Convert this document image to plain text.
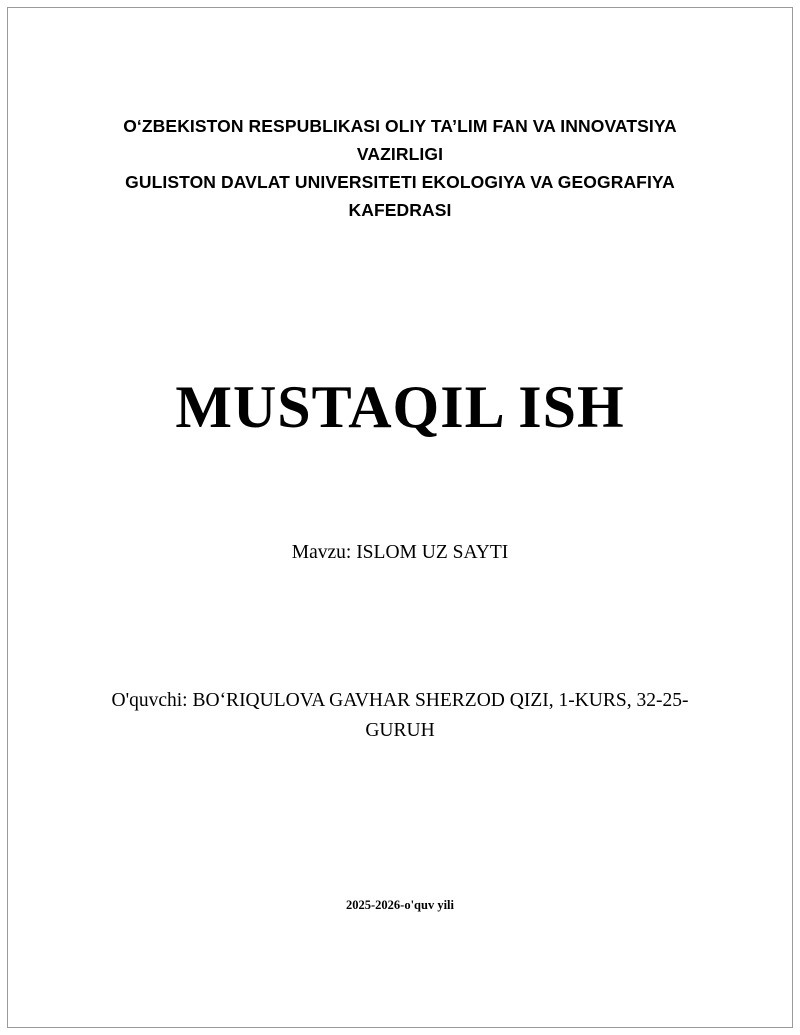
O‘ZBEKISTON RESPUBLIKASI OLIY TA’LIM FAN VA INNOVATSIYA VAZIRLIGI
GULISTON DAVLAT UNIVERSITETI EKOLOGIYA VA GEOGRAFIYA KAFEDRASI
MUSTAQIL ISH
Mavzu: ISLOM UZ SAYTI
O'quvchi: BO‘RIQULOVA GAVHAR SHERZOD QIZI, 1-KURS, 32-25-GURUH
2025-2026-o'quv yili
